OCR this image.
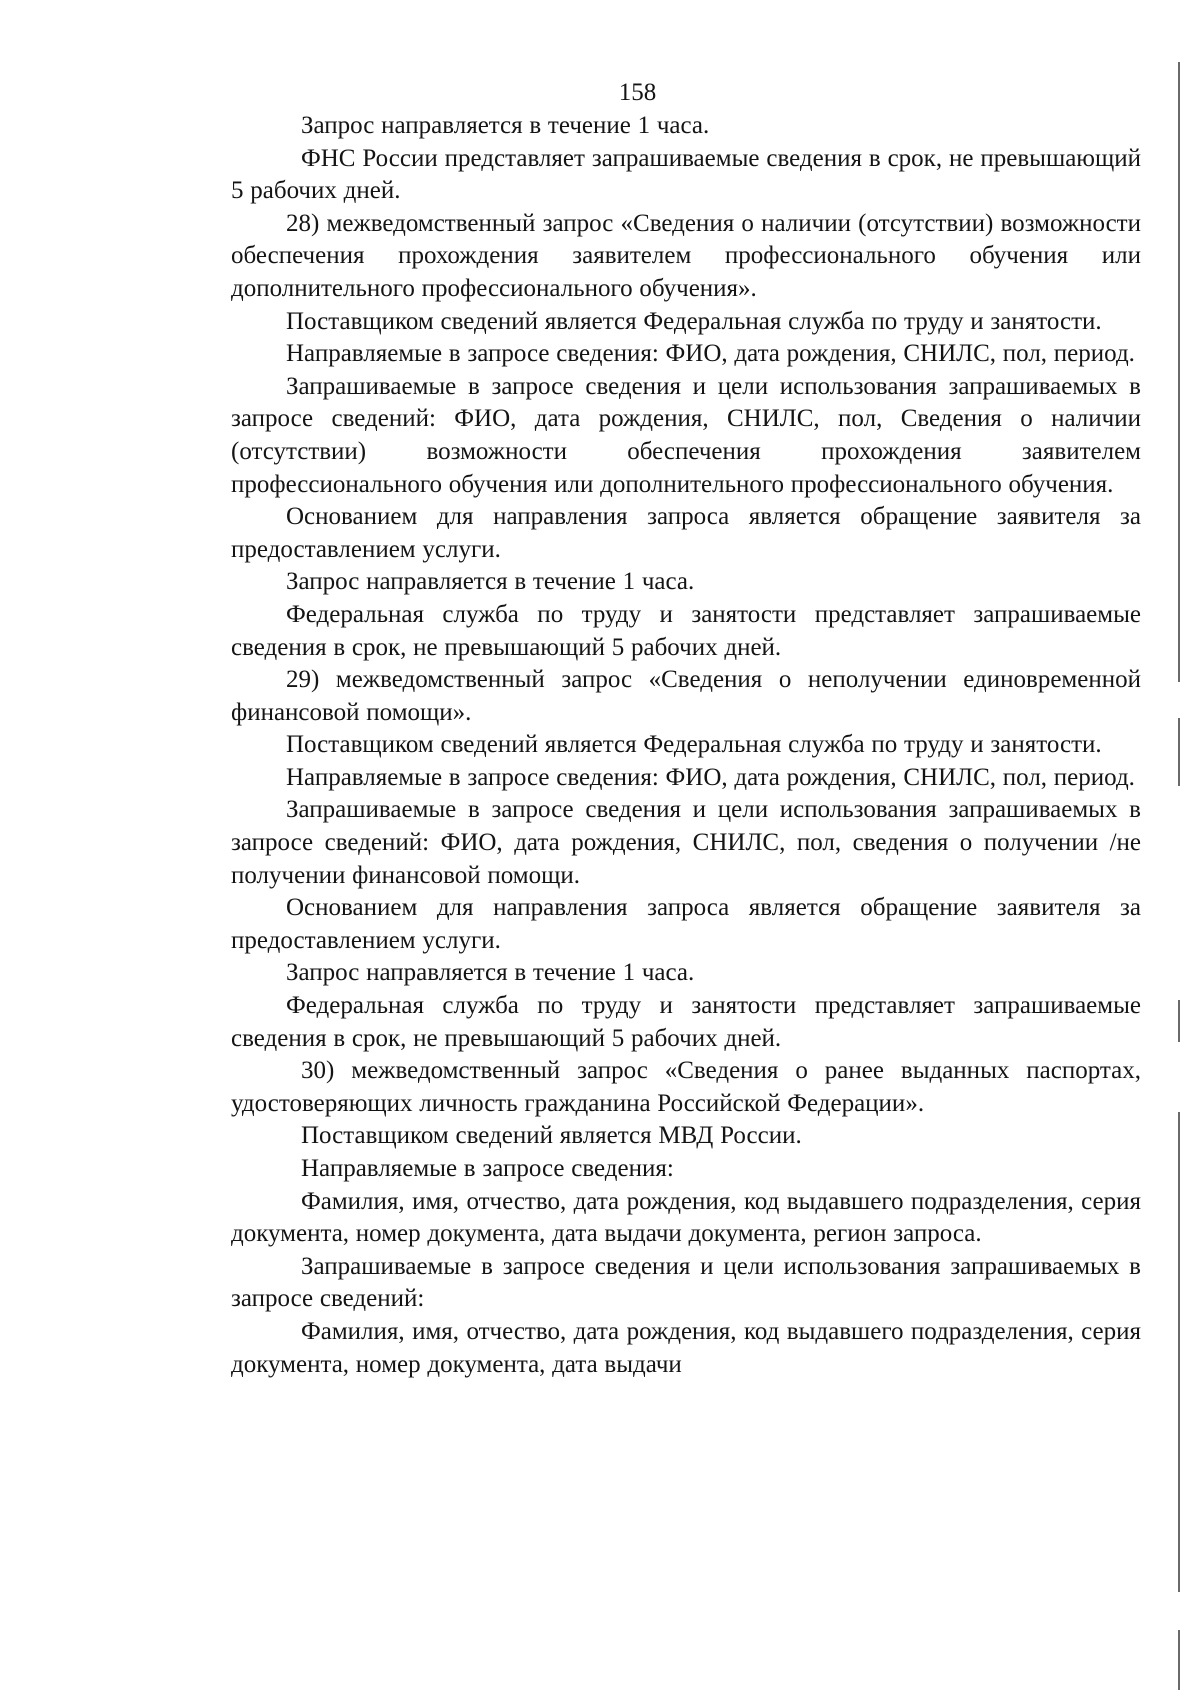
158

Запрос направляется в течение 1 часа.

ФНС России представляет запрашиваемые сведения в срок, не превышающий 5 рабочих дней.

28) межведомственный запрос «Сведения о наличии (отсутствии) возможности обеспечения прохождения заявителем профессионального обучения или дополнительного профессионального обучения».

Поставщиком сведений является Федеральная служба по труду и занятости.

Направляемые в запросе сведения: ФИО, дата рождения, СНИЛС, пол, период.

Запрашиваемые в запросе сведения и цели использования запрашиваемых в запросе сведений: ФИО, дата рождения, СНИЛС, пол, Сведения о наличии (отсутствии) возможности обеспечения прохождения заявителем профессионального обучения или дополнительного профессионального обучения.

Основанием для направления запроса является обращение заявителя за предоставлением услуги.

Запрос направляется в течение 1 часа.

Федеральная служба по труду и занятости представляет запрашиваемые сведения в срок, не превышающий 5 рабочих дней.

29) межведомственный запрос «Сведения о неполучении единовременной финансовой помощи».

Поставщиком сведений является Федеральная служба по труду и занятости.

Направляемые в запросе сведения: ФИО, дата рождения, СНИЛС, пол, период.

Запрашиваемые в запросе сведения и цели использования запрашиваемых в запросе сведений: ФИО, дата рождения, СНИЛС, пол, сведения о получении /не получении финансовой помощи.

Основанием для направления запроса является обращение заявителя за предоставлением услуги.

Запрос направляется в течение 1 часа.

Федеральная служба по труду и занятости представляет запрашиваемые сведения в срок, не превышающий 5 рабочих дней.

30) межведомственный запрос «Сведения о ранее выданных паспортах, удостоверяющих личность гражданина Российской Федерации».

Поставщиком сведений является МВД России.

Направляемые в запросе сведения:

Фамилия, имя, отчество, дата рождения, код выдавшего подразделения, серия документа, номер документа, дата выдачи документа, регион запроса.

Запрашиваемые в запросе сведения и цели использования запрашиваемых в запросе сведений:

Фамилия, имя, отчество, дата рождения, код выдавшего подразделения, серия документа, номер документа, дата выдачи
